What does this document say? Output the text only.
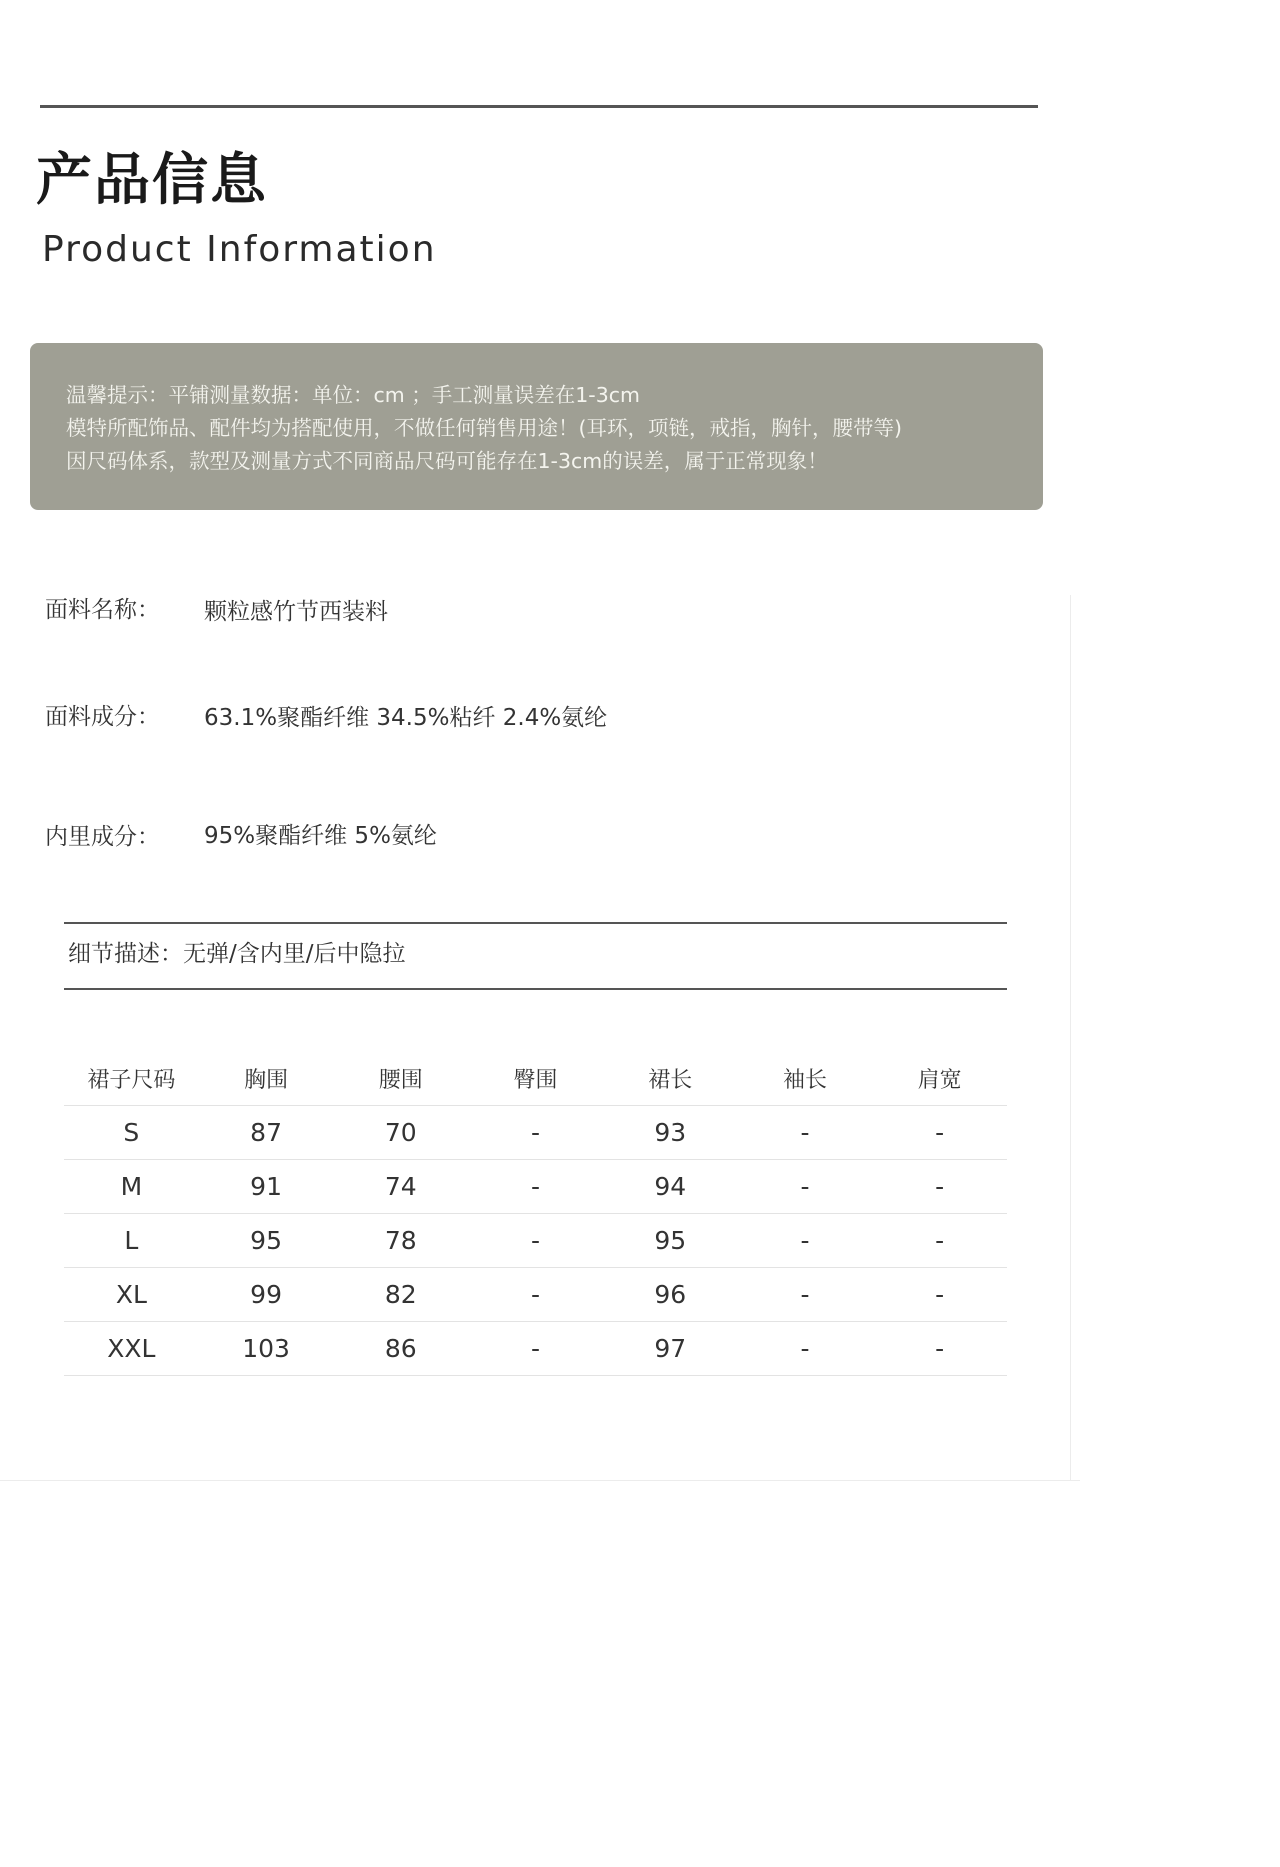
产品信息
Product Information
温馨提示：平铺测量数据：单位：cm ；手工测量误差在1-3cm
模特所配饰品、配件均为搭配使用，不做任何销售用途！(耳环，项链，戒指，胸针，腰带等)
因尺码体系，款型及测量方式不同商品尺码可能存在1-3cm的误差，属于正常现象！
面料名称： 颗粒感竹节西装料
面料成分： 63.1%聚酯纤维 34.5%粘纤 2.4%氨纶
内里成分： 95%聚酯纤维 5%氨纶
细节描述：无弹/含内里/后中隐拉
裙子尺码	胸围	腰围	臀围	裙长	袖长	肩宽
S	87	70	-	93	-	-
M	91	74	-	94	-	-
L	95	78	-	95	-	-
XL	99	82	-	96	-	-
XXL	103	86	-	97	-	-
